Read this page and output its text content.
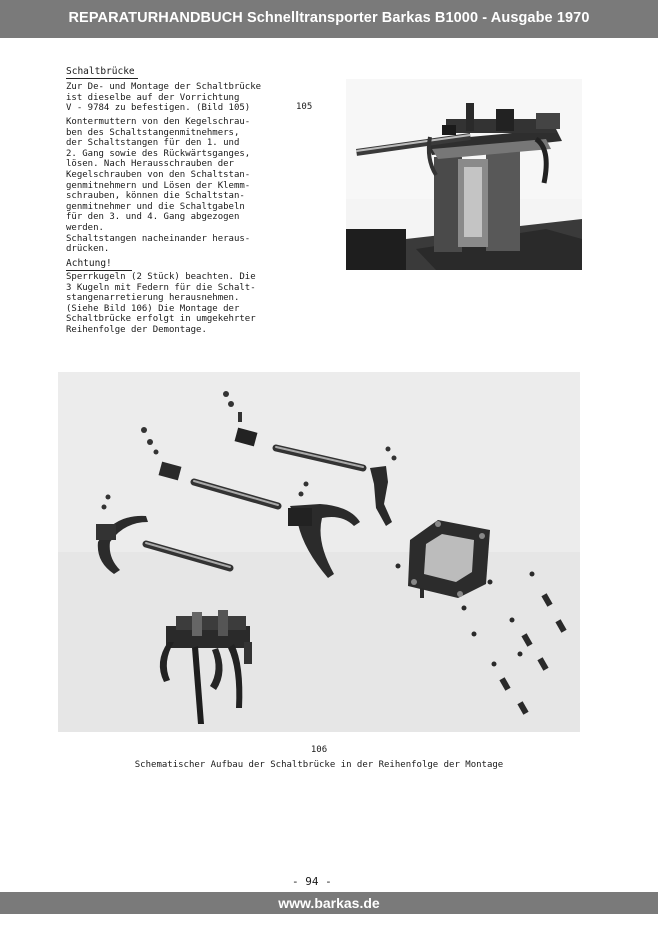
REPARATURHANDBUCH Schnelltransporter Barkas B1000 - Ausgabe 1970
Schaltbrücke
Zur De- und Montage der Schaltbrücke
ist dieselbe auf der Vorrichtung
V - 9784 zu befestigen. (Bild 105)	105
Kontermuttern von den Kegelschrau-
ben des Schaltstangenmitnehmers,
der Schaltstangen für den 1. und
2. Gang sowie des Rückwärtsganges,
lösen. Nach Herausschrauben der
Kegelschrauben von den Schaltstan-
genmitnehmern und Lösen der Klemm-
schrauben, können die Schaltstan-
genmitnehmer und die Schaltgabeln
für den 3. und 4. Gang abgezogen
werden.
Schaltstangen nacheinander heraus-
drücken.
Achtung!
Sperrkugeln (2 Stück) beachten. Die
3 Kugeln mit Federn für die Schalt-
stangenarretierung herausnehmen.
(Siehe Bild 106) Die Montage der
Schaltbrücke erfolgt in umgekehrter
Reihenfolge der Demontage.
106
Schematischer Aufbau der Schaltbrücke in der Reihenfolge der Montage
- 94 -
www.barkas.de
